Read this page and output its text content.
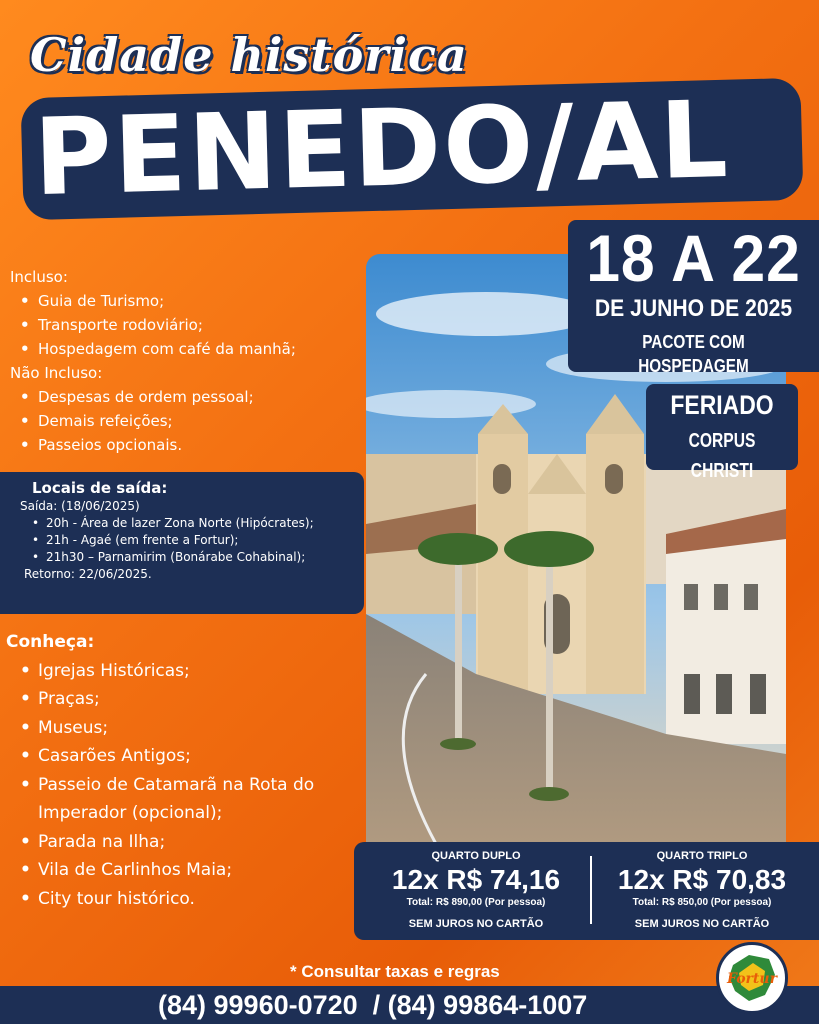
Cidade histórica
PENEDO/AL
18 A 22
DE JUNHO DE 2025
PACOTE COM HOSPEDAGEM
FERIADO
CORPUS CHRISTI
Incluso:
• Guia de Turismo;
• Transporte rodoviário;
• Hospedagem com café da manhã;
Não Incluso:
• Despesas de ordem pessoal;
• Demais refeições;
• Passeios opcionais.
Locais de saída:
Saída: (18/06/2025)
• 20h - Área de lazer Zona Norte (Hipócrates);
• 21h - Agaé (em frente a Fortur);
• 21h30 – Parnamirim (Bonárabe Cohabinal);
Retorno: 22/06/2025.
Conheça:
• Igrejas Históricas;
• Praças;
• Museus;
• Casarões Antigos;
• Passeio de Catamarã na Rota do Imperador (opcional);
• Parada na Ilha;
• Vila de Carlinhos Maia;
• City tour histórico.
QUARTO DUPLO
12x R$ 74,16
Total: R$ 890,00 (Por pessoa)
SEM JUROS NO CARTÃO
QUARTO TRIPLO
12x R$ 70,83
Total: R$ 850,00 (Por pessoa)
SEM JUROS NO CARTÃO
* Consultar taxas e regras
(84) 99960-0720  / (84) 99864-1007
Fortur
